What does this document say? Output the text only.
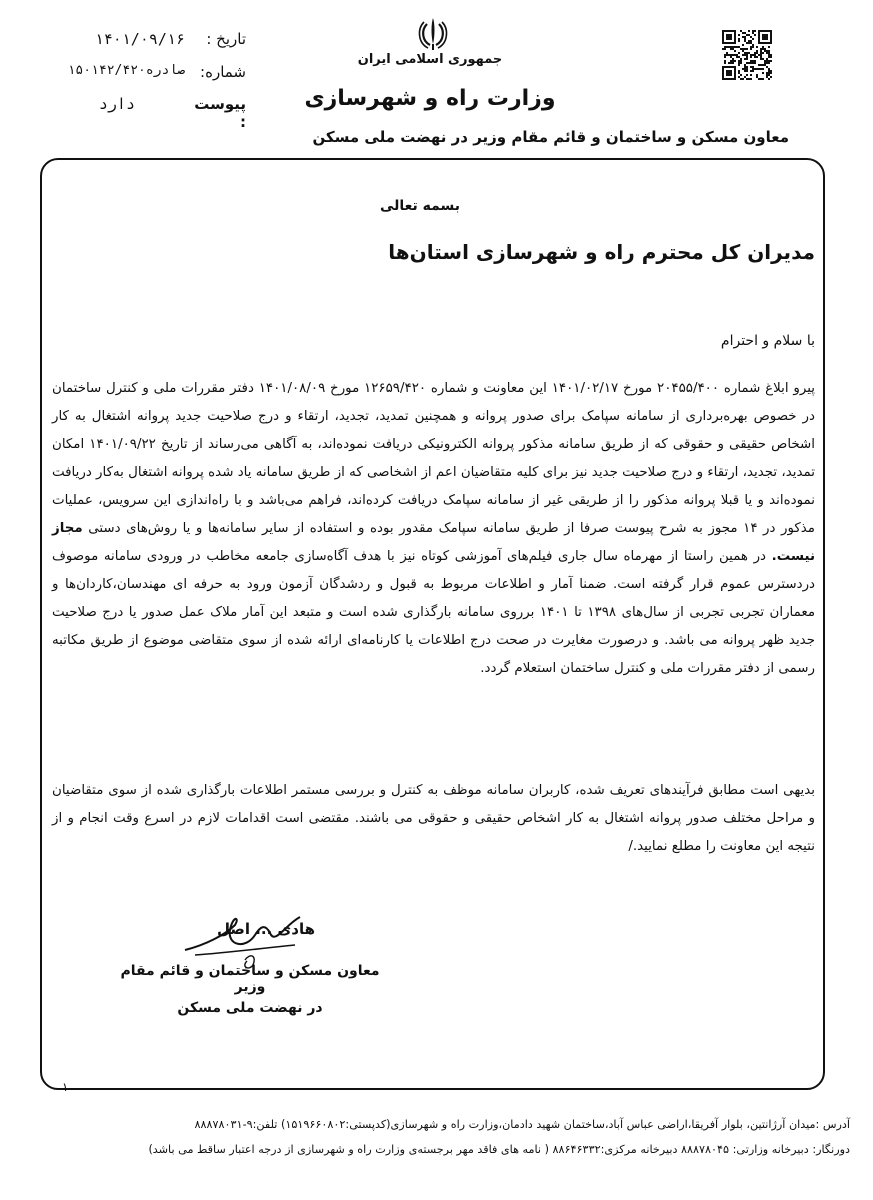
جمهوری اسلامی ایران
وزارت راه و شهرسازی
تاریخ :
۱۴۰۱/۰۹/۱۶
شماره:
۱۵۰۱۴۲/۴۲۰صادره
پیوست :
دارد
معاون مسکن و ساختمان و قائم مقام وزیر در نهضت ملی مسکن
بسمه تعالی
مدیران کل محترم راه و شهرسازی استان‌ها
با سلام و احترام
پیرو ابلاغ شماره ۲۰۴۵۵/۴۰۰ مورخ ۱۴۰۱/۰۲/۱۷ این معاونت و شماره ۱۲۶۵۹/۴۲۰ مورخ ۱۴۰۱/۰۸/۰۹ دفتر مقررات ملی و کنترل ساختمان در خصوص بهره‌برداری از سامانه سپامک برای صدور پروانه و همچنین تمدید، تجدید، ارتقاء و درج صلاحیت جدید پروانه اشتغال به کار اشخاص حقیقی و حقوقی که از طریق سامانه مذکور پروانه الکترونیکی دریافت نموده‌اند، به آگاهی می‌رساند از تاریخ ۱۴۰۱/۰۹/۲۲ امکان تمدید، تجدید، ارتقاء و درج صلاحیت جدید نیز برای کلیه متقاضیان اعم از اشخاصی که از طریق سامانه یاد شده پروانه اشتغال به‌کار دریافت نموده‌اند و یا قبلا پروانه مذکور را از طریقی غیر از سامانه سپامک دریافت کرده‌اند، فراهم می‌باشد و با راه‌اندازی این سرویس، عملیات مذکور در ۱۴ مجوز به شرح پیوست صرفا از طریق سامانه سپامک مقدور بوده و استفاده از سایر سامانه‌ها و یا روش‌های دستی مجاز نیست. در همین راستا از مهرماه سال جاری فیلم‌های آموزشی کوتاه نیز با هدف آگاه‌سازی جامعه مخاطب در ورودی سامانه موصوف دردسترس عموم قرار گرفته است. ضمنا آمار و اطلاعات مربوط به قبول و ردشدگان آزمون ورود به حرفه ای مهندسان،کاردان‌ها و معماران تجربی تجربی از سال‌های ۱۳۹۸ تا ۱۴۰۱ برروی سامانه بارگذاری شده است و متبعد این آمار ملاک عمل صدور یا درج صلاحیت جدید ظهر پروانه می باشد. و درصورت مغایرت در صحت درج اطلاعات یا کارنامه‌ای ارائه شده از سوی متقاضی موضوع از طریق مکاتبه رسمی از دفتر مقررات ملی و کنترل ساختمان استعلام گردد.
بدیهی است مطابق فرآیندهای تعریف شده، کاربران سامانه موظف به کنترل و بررسی مستمر اطلاعات بارگذاری شده از سوی متقاضیان و مراحل مختلف صدور پروانه اشتغال به کار اشخاص حقیقی و حقوقی می باشند. مقتضی است اقدامات لازم در اسرع وقت انجام و از نتیجه این معاونت را مطلع نمایید./
هادی ... اصل
معاون مسکن و ساختمان و قائم مقام وزیر
در نهضت ملی مسکن
۱
آدرس :میدان آرژانتین، بلوار آفریقا،اراضی عباس آباد،ساختمان شهید دادمان،وزارت راه و شهرسازی(کدپستی:۱۵۱۹۶۶۰۸۰۲) تلفن:۹-۸۸۸۷۸۰۳۱
دورنگار: دبیرخانه وزارتی: ۸۸۸۷۸۰۴۵ دبیرخانه مرکزی:۸۸۶۴۶۳۳۲ ( نامه های فاقد مهر برجسته‌ی وزارت راه و شهرسازی از درجه اعتبار ساقط می باشد)
